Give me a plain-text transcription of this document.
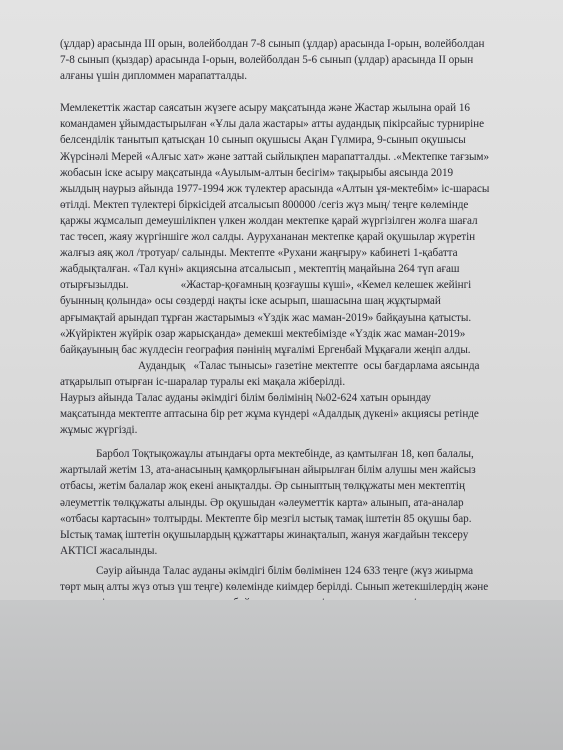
(ұлдар) арасында ІІІ орын, волейболдан 7-8 сынып (ұлдар) арасында І-орын, волейболдан
7-8 сынып (қыздар) арасында І-орын, волейболдан 5-6 сынып (ұлдар) арасында ІІ орын
алғаны үшін дипломмен марапатталды.

Мемлекеттік жастар саясатын жүзеге асыру мақсатында және Жастар жылына орай 16
командамен ұйымдастырылған «Ұлы дала жастары» атты аудандық пікірсайыс турниріне
белсенділік танытып қатысқан 10 сынып оқушысы Ақан Гүлмира, 9-сынып оқушысы
Жүрсінәлі Мерей «Алғыс хат» және заттай сыйлықпен марапатталды. .«Мектепке тағзым»
жобасын іске асыру мақсатында «Ауылым-алтын бесігім» тақырыбы аясында 2019
жылдың наурыз айында 1977-1994 жж түлектер арасында «Алтын ұя-мектебім» іс-шарасы
өтілді. Мектеп түлектері біркісідей атсалысып 800000 /сегіз жүз мың/ теңге көлемінде
қаржы жұмсалып демеушілікпен үлкен жолдан мектепке қарай жүргізілген жолға шағал
тас төсеп, жаяу жүргіншіге жол салды. Аурухананан мектепке қарай оқушылар жүретін
жалғыз аяқ жол /тротуар/ салынды. Мектепте «Рухани жаңғыру» кабинеті 1-қабатта
жабдықталған. «Тал күні» акциясына атсалысып , мектептің маңайына 264 түп ағаш
отырғызылды.                   «Жастар-қоғамның қозғаушы күші», «Кемел келешек жейінгі
буынның қолында» осы сөздерді нақты іске асырып, шашасына шаң жұқтырмай
арғымақтай арындап тұрған жастарымыз «Үздік жас маман-2019» байқауына қатысты.
«Жүйріктен жүйрік озар жарысқанда» демекші мектебімізде «Үздік жас маман-2019»
байқауының бас жүлдесін география пәнінің мұғалімі Ергенбай Мұқағали жеңіп алды.

Аудандық   «Талас тынысы» газетіне мектепте  осы бағдарлама аясында
атқарылып отырған іс-шаралар туралы екі мақала жіберілді.

Наурыз айында Талас ауданы әкімдігі білім бөлімінің №02-624 хатын орындау
мақсатында мектепте аптасына бір рет жұма күндері «Адалдық дүкені» акциясы ретінде
жұмыс жүргізді.

Барбол Тоқтықожаұлы атындағы орта мектебінде, аз қамтылған 18, көп балалы,
жартылай жетім 13, ата-анасының қамқорлығынан айырылған білім алушы мен жайсыз
отбасы, жетім балалар жоқ екені анықталды. Әр сыныптың төлқұжаты мен мектептің
әлеуметтік төлқұжаты алынды. Әр оқушыдан «әлеуметтік карта» алынып, ата-аналар
«отбасы картасын» толтырды. Мектепте бір мезгіл ыстық тамақ іштетін 85 оқушы бар.
Ыстық тамақ іштетін оқушылардың құжаттары жинақталып, жануя жағдайын тексеру
АКТІСІ жасалынды.

Сәуір айында Талас ауданы әкімдігі білім бөлімінен 124 633 теңге (жүз жиырма
төрт мың алты жүз отыз үш теңге) көлемінде киімдер берілді. Сынып жетекшілердің және
